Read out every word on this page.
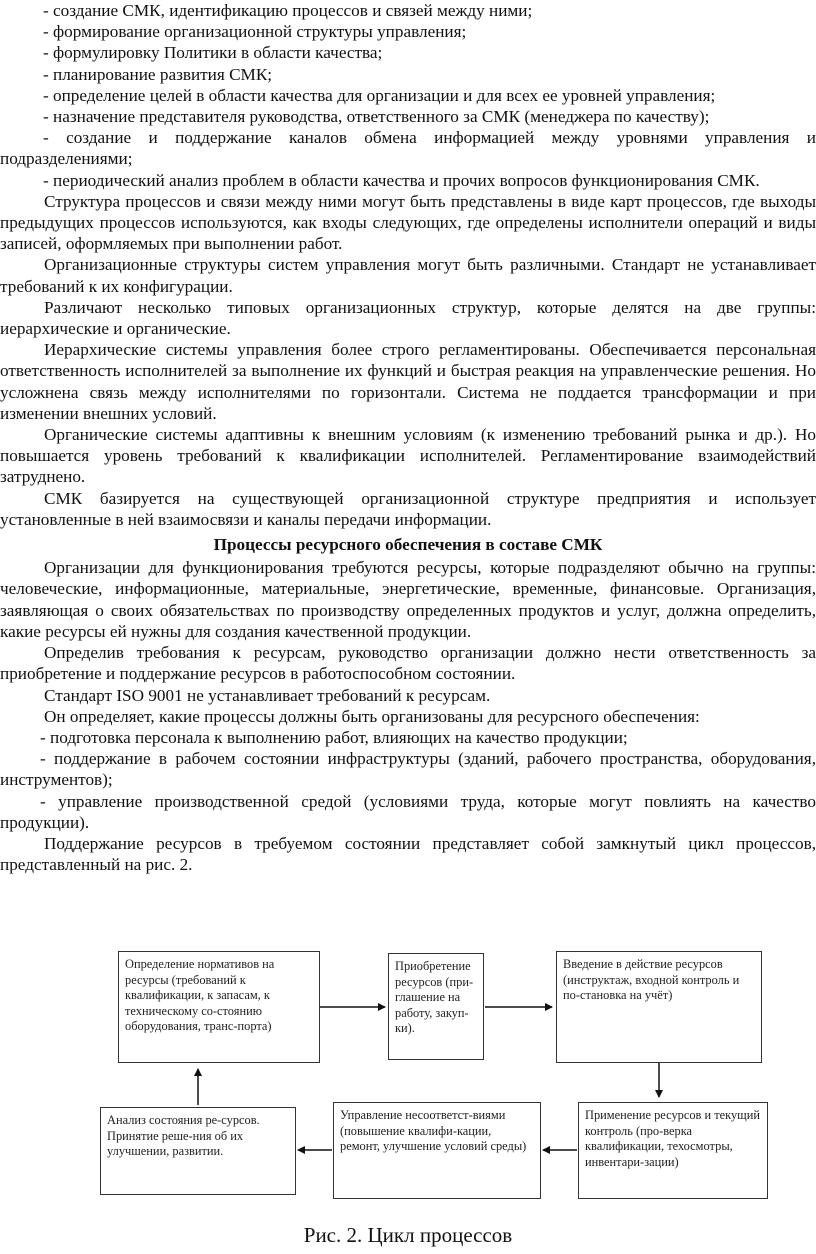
- создание СМК, идентификацию процессов и связей между ними;

- формирование организационной структуры управления;

- формулировку Политики в области качества;

- планирование развития СМК;

- определение целей в области качества для организации и для всех ее уровней управления;

- назначение представителя руководства, ответственного за СМК (менеджера по качеству);

- создание и поддержание каналов обмена информацией между уровнями управления и подразделениями;

- периодический анализ проблем в области качества и прочих вопросов функционирования СМК.

Структура процессов и связи между ними могут быть представлены в виде карт процессов, где выходы предыдущих процессов используются, как входы следующих, где определены исполнители операций и виды записей, оформляемых при выполнении работ.

Организационные структуры систем управления могут быть различными. Стандарт не устанавливает требований к их конфигурации.

Различают несколько типовых организационных структур, которые делятся на две группы: иерархические и органические.

Иерархические системы управления более строго регламентированы. Обеспечивается персональная ответственность исполнителей за выполнение их функций и быстрая реакция на управленческие решения. Но усложнена связь между исполнителями по горизонтали. Система не поддается трансформации и при изменении внешних условий.

Органические системы адаптивны к внешним условиям (к изменению требований рынка и др.). Но повышается уровень требований к квалификации исполнителей. Регламентирование взаимодействий затруднено.

СМК базируется на существующей организационной структуре предприятия и использует установленные в ней взаимосвязи и каналы передачи информации.

Процессы ресурсного обеспечения в составе СМК

Организации для функционирования требуются ресурсы, которые подразделяют обычно на группы: человеческие, информационные, материальные, энергетические, временные, финансовые. Организация, заявляющая о своих обязательствах по производству определенных продуктов и услуг, должна определить, какие ресурсы ей нужны для создания качественной продукции.

Определив требования к ресурсам, руководство организации должно нести ответственность за приобретение и поддержание ресурсов в работоспособном состоянии.

Стандарт ISO 9001 не устанавливает требований к ресурсам.

Он определяет, какие процессы должны быть организованы для ресурсного обеспечения:

- подготовка персонала к выполнению работ, влияющих на качество продукции;

- поддержание в рабочем состоянии инфраструктуры (зданий, рабочего пространства, оборудования, инструментов);

- управление производственной средой (условиями труда, которые могут повлиять на качество продукции).

Поддержание ресурсов в требуемом состоянии представляет собой замкнутый цикл процессов, представленный на рис. 2.

Определение нормативов на ресурсы (требований к квалификации, к запасам, к техническому со-стоянию оборудования, транс-порта)
Приобретение ресурсов (при-глашение на работу, закуп-ки).
Введение в действие ресурсов (инструктаж, входной контроль и по-становка на учёт)
Применение ресурсов и текущий контроль (про-верка квалификации, техосмотры, инвентари-зации)
Управление несоответст-виями (повышение квалифи-кации, ремонт, улучшение условий среды)
Анализ состояния ре-сурсов. Принятие реше-ния об их улучшении, развитии.
Рис. 2. Цикл процессов
